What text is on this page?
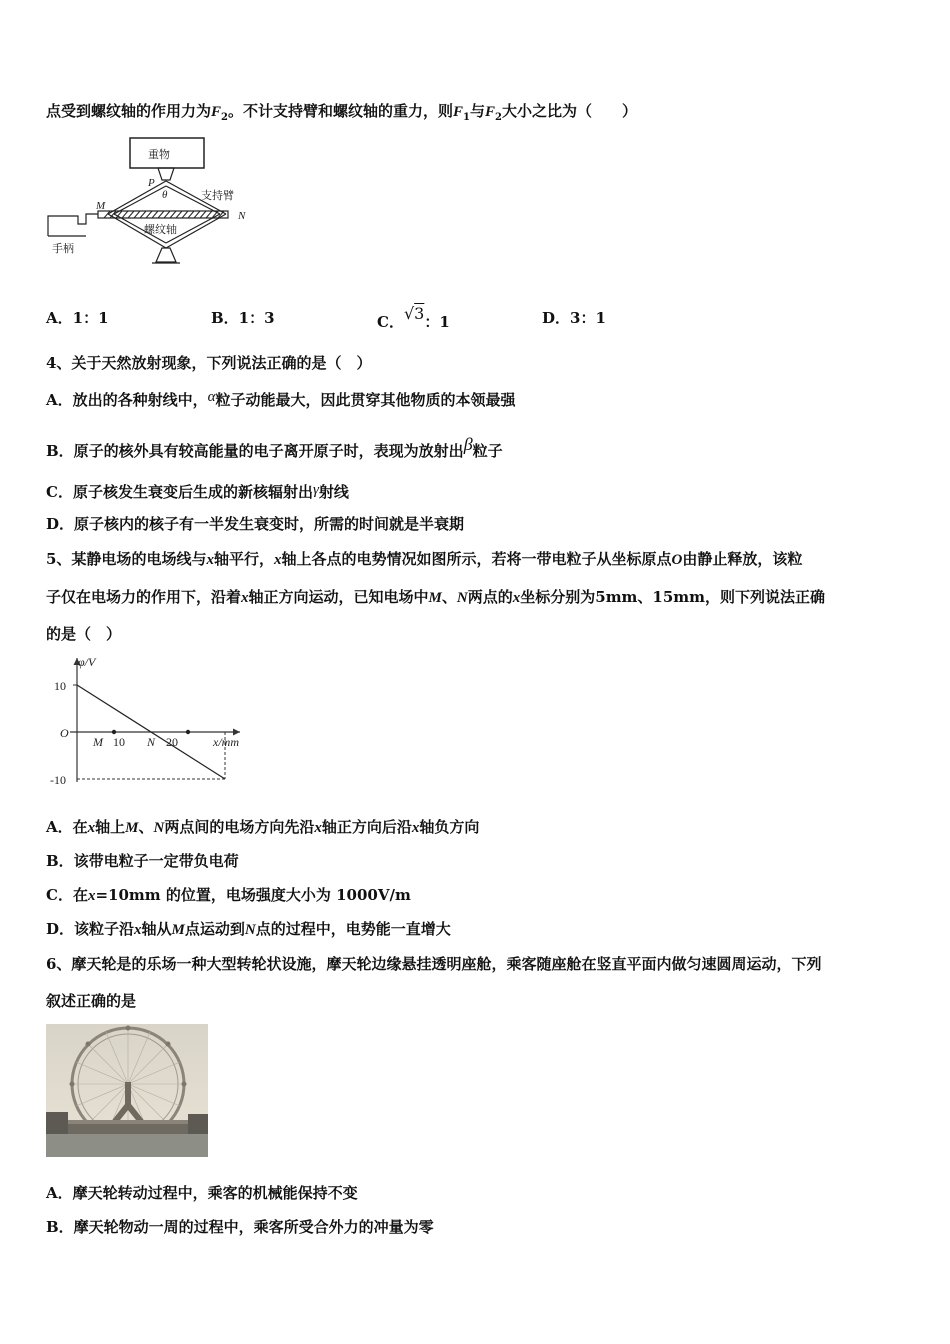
点受到螺纹轴的作用力为$F_2$。不计支持臂和螺纹轴的重力，则$F_1$与$F_2$大小之比为（　　）
重物
P
θ	支持臂
M
N
螺纹轴
手柄
A．1：1	B．1：3	C．√3：1	D．3：1
4、关于天然放射现象，下列说法正确的是（　）
A．放出的各种射线中，α粒子动能最大，因此贯穿其他物质的本领最强
B．原子的核外具有较高能量的电子离开原子时，表现为放射出β粒子
C．原子核发生衰变后生成的新核辐射出γ射线
D．原子核内的核子有一半发生衰变时，所需的时间就是半衰期
5、某静电场的电场线与x轴平行，x轴上各点的电势情况如图所示，若将一带电粒子从坐标原点O由静止释放，该粒
子仅在电场力的作用下，沿着x轴正方向运动，已知电场中M、N两点的x坐标分别为5mm、15mm，则下列说法正确
的是（　）
φ/V
x/mm
10
O
-10
M 10 N 20
A．在x轴上M、N两点间的电场方向先沿x轴正方向后沿x轴负方向
B．该带电粒子一定带负电荷
C．在x=10mm 的位置，电场强度大小为 1000V/m
D．该粒子沿x轴从M点运动到N点的过程中，电势能一直增大
6、摩天轮是的乐场一种大型转轮状设施，摩天轮边缘悬挂透明座舱，乘客随座舱在竖直平面内做匀速圆周运动，下列
叙述正确的是
A．摩天轮转动过程中，乘客的机械能保持不变
B．摩天轮物动一周的过程中，乘客所受合外力的冲量为零
